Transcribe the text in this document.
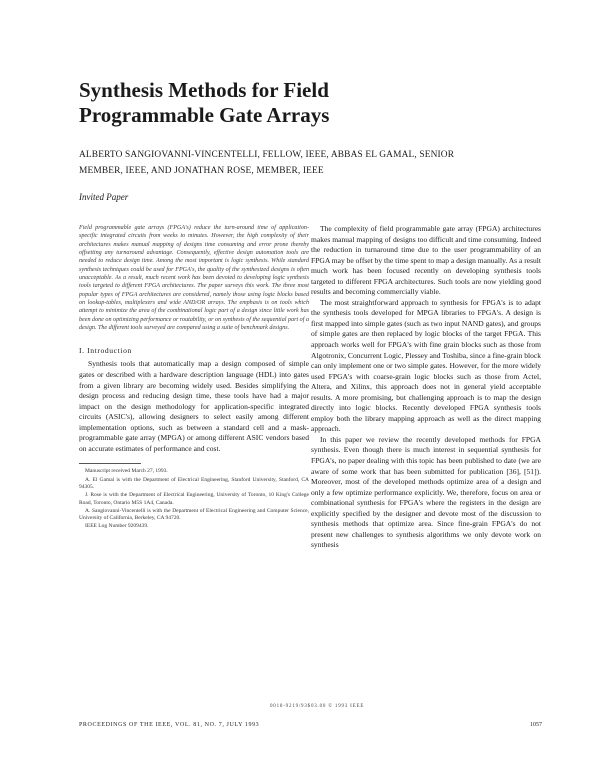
Synthesis Methods for Field
Programmable Gate Arrays
ALBERTO SANGIOVANNI-VINCENTELLI, FELLOW, IEEE, ABBAS EL GAMAL, SENIOR
MEMBER, IEEE, AND JONATHAN ROSE, MEMBER, IEEE
Invited Paper
Field programmable gate arrays (FPGA's) reduce the turn-around time of application-specific integrated circuits from weeks to minutes. However, the high complexity of their architectures makes manual mapping of designs time consuming and error prone thereby offsetting any turnaround advantage. Consequently, effective design automation tools are needed to reduce design time. Among the most important is logic synthesis. While standard synthesis techniques could be used for FPGA's, the quality of the synthesized designs is often unacceptable. As a result, much recent work has been devoted to developing logic synthesis tools targeted to different FPGA architectures. The paper surveys this work. The three most popular types of FPGA architectures are considered, namely those using logic blocks based on lookup-tables, multiplexers and wide AND/OR arrays. The emphasis is on tools which attempt to minimize the area of the combinational logic part of a design since little work has been done on optimizing performance or routability, or on synthesis of the sequential part of a design. The different tools surveyed are compared using a suite of benchmark designs.
I. Introduction

Synthesis tools that automatically map a design composed of simple gates or described with a hardware description language (HDL) into gates from a given library are becoming widely used. Besides simplifying the design process and reducing design time, these tools have had a major impact on the design methodology for application-specific integrated circuits (ASIC's), allowing designers to select easily among different implementation options, such as between a standard cell and a mask-programmable gate array (MPGA) or among different ASIC vendors based on accurate estimates of performance and cost.

Manuscript received March 27, 1993.

A. El Gamal is with the Department of Electrical Engineering, Stanford University, Stanford, CA 94305.

J. Rose is with the Department of Electrical Engineering, University of Toronto, 10 King's College Road, Toronto, Ontario M5S 1A4, Canada.

A. Sangiovanni-Vincentelli is with the Department of Electrical Engineering and Computer Science, University of California, Berkeley, CA 94720.

IEEE Log Number 9209439.

The complexity of field programmable gate array (FPGA) architectures makes manual mapping of designs too difficult and time consuming. Indeed the reduction in turnaround time due to the user programmability of an FPGA may be offset by the time spent to map a design manually. As a result much work has been focused recently on developing synthesis tools targeted to different FPGA architectures. Such tools are now yielding good results and becoming commercially viable.

The most straightforward approach to synthesis for FPGA's is to adapt the synthesis tools developed for MPGA libraries to FPGA's. A design is first mapped into simple gates (such as two input NAND gates), and groups of simple gates are then replaced by logic blocks of the target FPGA. This approach works well for FPGA's with fine grain blocks such as those from Algotronix, Concurrent Logic, Plessey and Toshiba, since a fine-grain block can only implement one or two simple gates. However, for the more widely used FPGA's with coarse-grain logic blocks such as those from Actel, Altera, and Xilinx, this approach does not in general yield acceptable results. A more promising, but challenging approach is to map the design directly into logic blocks. Recently developed FPGA synthesis tools employ both the library mapping approach as well as the direct mapping approach.

In this paper we review the recently developed methods for FPGA synthesis. Even though there is much interest in sequential synthesis for FPGA's, no paper dealing with this topic has been published to date (we are aware of some work that has been submitted for publication [36], [51]). Moreover, most of the developed methods optimize area of a design and only a few optimize performance explicitly. We, therefore, focus on area or combinational synthesis for FPGA's where the registers in the design are explicitly specified by the designer and devote most of the discussion to synthesis methods that optimize area. Since fine-grain FPGA's do not present new challenges to synthesis algorithms we only devote work on synthesis

0018-9219/93$03.00 © 1993 IEEE
PROCEEDINGS OF THE IEEE, VOL. 81, NO. 7, JULY 1993	1057
